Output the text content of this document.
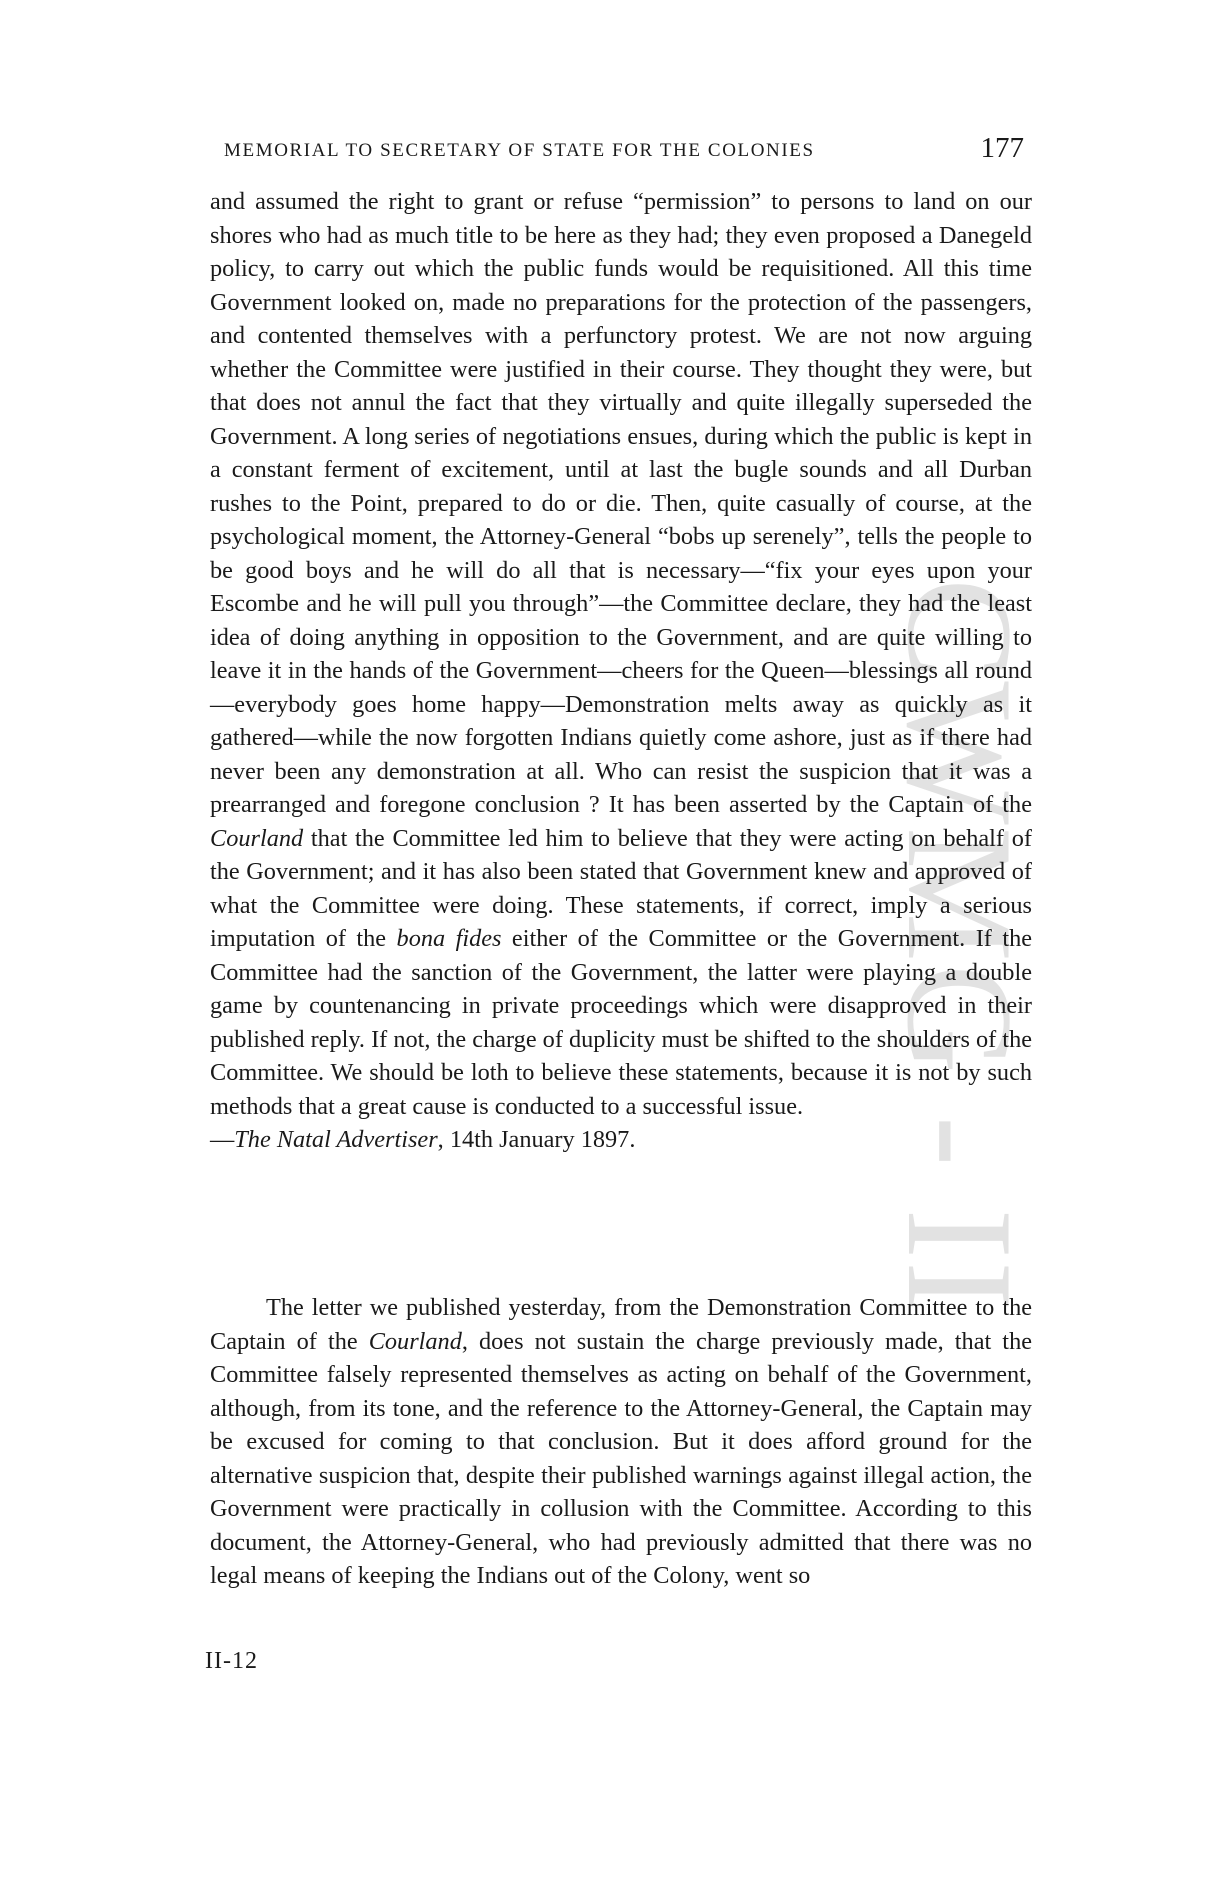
CWMG - II
MEMORIAL TO SECRETARY OF STATE FOR THE COLONIES	177

and assumed the right to grant or refuse “permission” to persons to land on our shores who had as much title to be here as they had; they even proposed a Danegeld policy, to carry out which the public funds would be requisitioned. All this time Government looked on, made no preparations for the protection of the passengers, and contented themselves with a perfunctory protest. We are not now arguing whether the Committee were justified in their course. They thought they were, but that does not annul the fact that they virtually and quite illegally superseded the Government. A long series of negotiations ensues, during which the public is kept in a constant ferment of excitement, until at last the bugle sounds and all Durban rushes to the Point, prepared to do or die. Then, quite casually of course, at the psychological moment, the Attorney-General “bobs up serenely”, tells the people to be good boys and he will do all that is necessary—“fix your eyes upon your Escombe and he will pull you through”—the Committee declare, they had the least idea of doing anything in opposition to the Government, and are quite willing to leave it in the hands of the Government—cheers for the Queen—blessings all round—everybody goes home happy—Demonstration melts away as quickly as it gathered—while the now forgotten Indians quietly come ashore, just as if there had never been any demonstration at all. Who can resist the suspicion that it was a prearranged and foregone conclusion ? It has been asserted by the Captain of the Courland that the Committee led him to believe that they were acting on behalf of the Government; and it has also been stated that Government knew and approved of what the Committee were doing. These statements, if correct, imply a serious imputation of the bona fides either of the Committee or the Government. If the Committee had the sanction of the Government, the latter were playing a double game by countenancing in private proceedings which were disapproved in their published reply. If not, the charge of duplicity must be shifted to the shoulders of the Committee. We should be loth to believe these statements, because it is not by such methods that a great cause is conducted to a successful issue.
—The Natal Advertiser, 14th January 1897.

The letter we published yesterday, from the Demonstration Committee to the Captain of the Courland, does not sustain the charge previously made, that the Committee falsely represented themselves as acting on behalf of the Government, although, from its tone, and the reference to the Attorney-General, the Captain may be excused for coming to that conclusion. But it does afford ground for the alternative suspicion that, despite their published warnings against illegal action, the Government were practically in collusion with the Committee. According to this document, the Attorney-General, who had previously admitted that there was no legal means of keeping the Indians out of the Colony, went so

II-12
